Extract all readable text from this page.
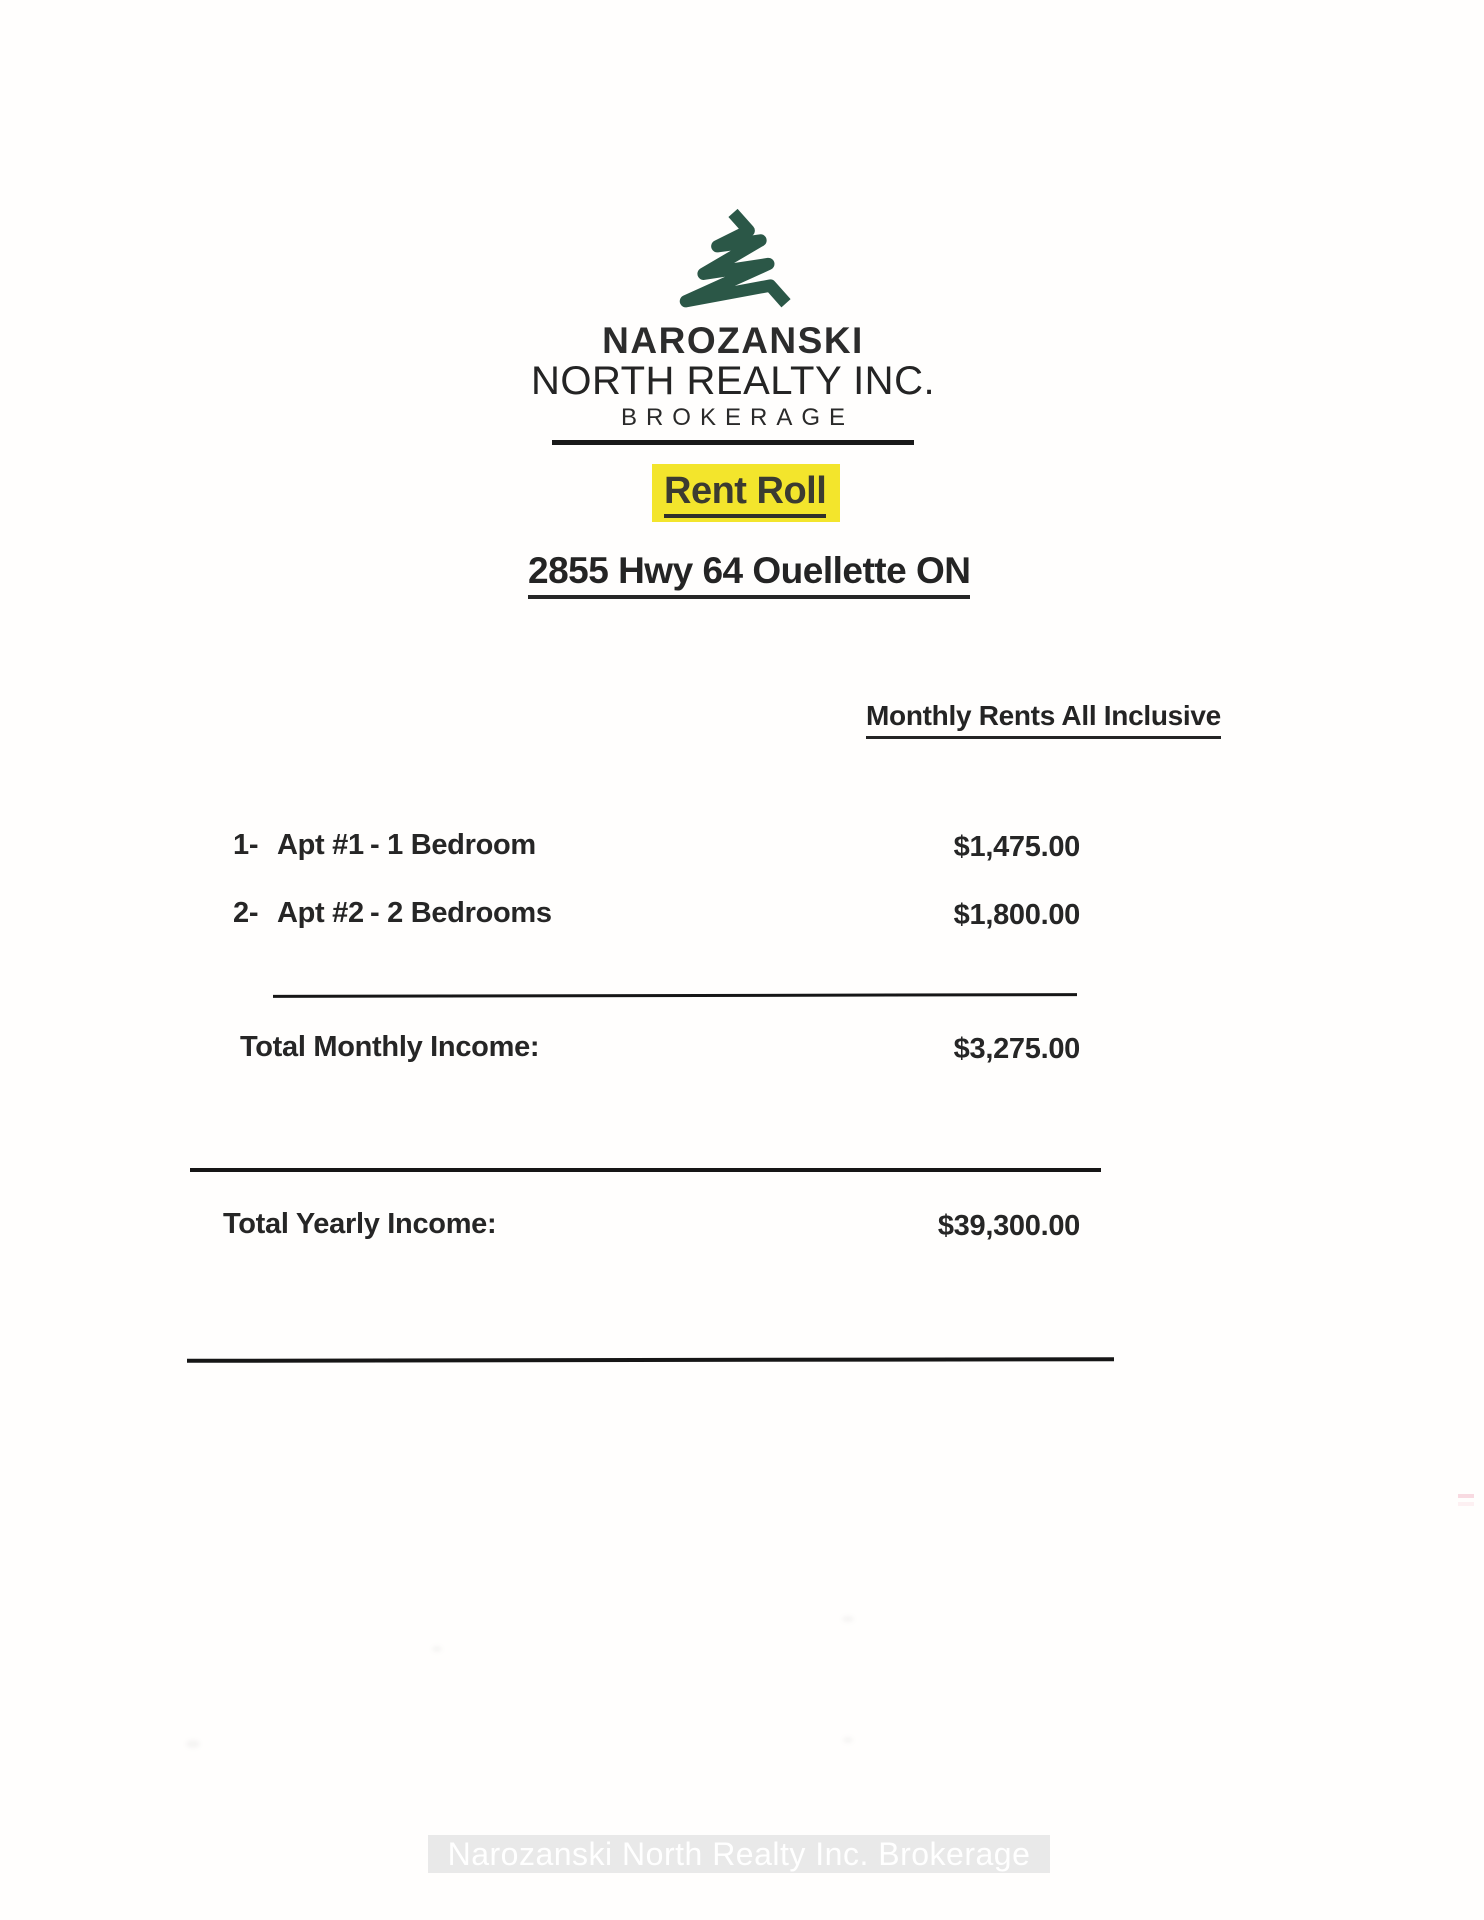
NAROZANSKI
NORTH REALTY INC.
BROKERAGE
Rent Roll
2855 Hwy 64 Ouellette ON
Monthly Rents All Inclusive
1- Apt #1 - 1 Bedroom	$1,475.00
2- Apt #2 - 2 Bedrooms	$1,800.00
Total Monthly Income:	$3,275.00
Total Yearly Income:	$39,300.00
Narozanski North Realty Inc. Brokerage
